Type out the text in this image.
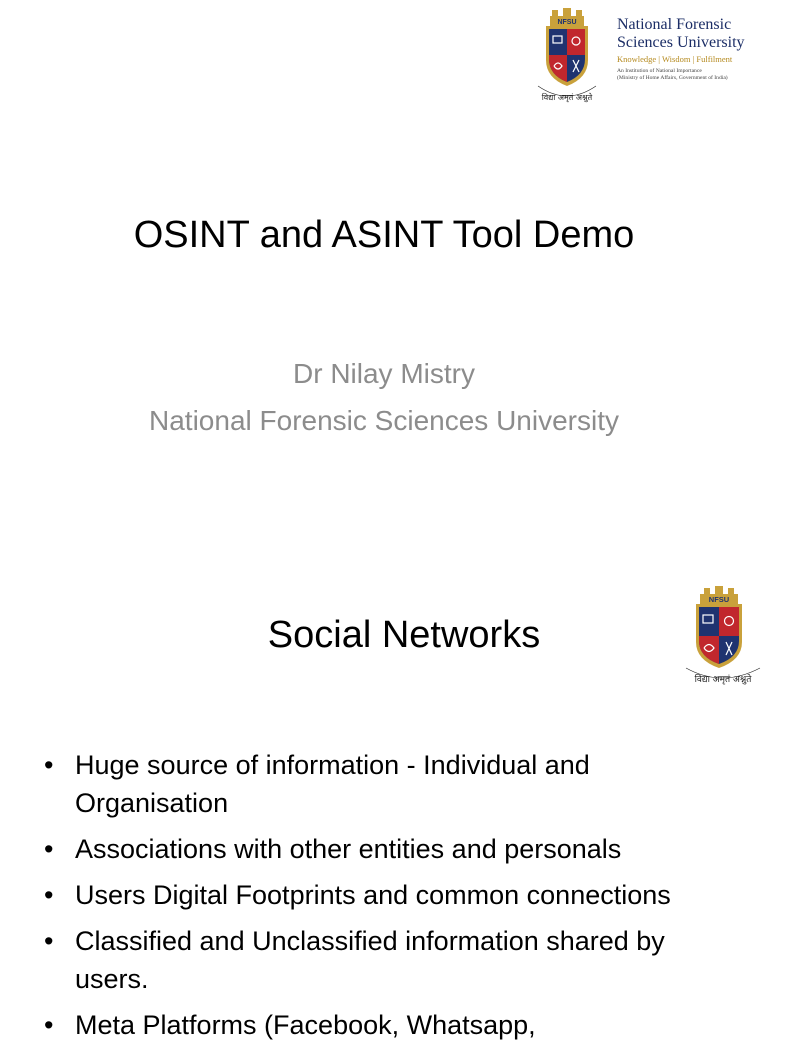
NFSU
विद्या अमृतं अश्नुते
National Forensic Sciences University
Knowledge | Wisdom | Fulfilment
An Institution of National Importance
(Ministry of Home Affairs, Government of India)
OSINT and ASINT Tool Demo
Dr Nilay Mistry
National Forensic Sciences University
Social Networks
NFSU
विद्या अमृतं अश्नुते
• Huge source of information - Individual and Organisation
• Associations with other entities and personals
• Users Digital Footprints and common connections
• Classified and Unclassified information shared by users.
• Meta Platforms (Facebook, Whatsapp,
